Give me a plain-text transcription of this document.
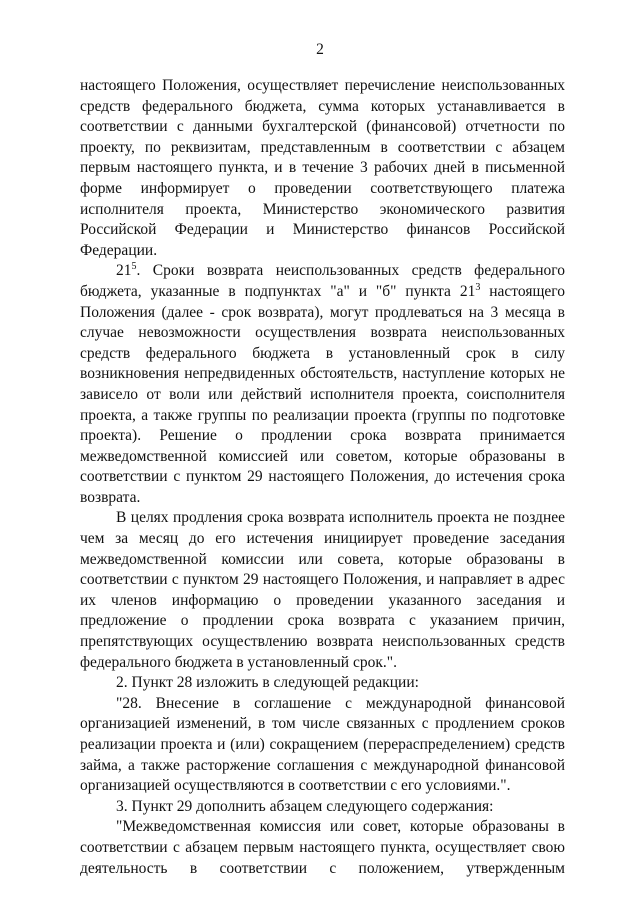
2

настоящего Положения, осуществляет перечисление неиспользованных средств федерального бюджета, сумма которых устанавливается в соответствии с данными бухгалтерской (финансовой) отчетности по проекту, по реквизитам, представленным в соответствии с абзацем первым настоящего пункта, и в течение 3 рабочих дней в письменной форме информирует о проведении соответствующего платежа исполнителя проекта, Министерство экономического развития Российской Федерации и Министерство финансов Российской Федерации.

$21^5$. Сроки возврата неиспользованных средств федерального бюджета, указанные в подпунктах "а" и "б" пункта $21^3$ настоящего Положения (далее - срок возврата), могут продлеваться на 3 месяца в случае невозможности осуществления возврата неиспользованных средств федерального бюджета в установленный срок в силу возникновения непредвиденных обстоятельств, наступление которых не зависело от воли или действий исполнителя проекта, соисполнителя проекта, а также группы по реализации проекта (группы по подготовке проекта). Решение о продлении срока возврата принимается межведомственной комиссией или советом, которые образованы в соответствии с пунктом 29 настоящего Положения, до истечения срока возврата.

В целях продления срока возврата исполнитель проекта не позднее чем за месяц до его истечения инициирует проведение заседания межведомственной комиссии или совета, которые образованы в соответствии с пунктом 29 настоящего Положения, и направляет в адрес их членов информацию о проведении указанного заседания и предложение о продлении срока возврата с указанием причин, препятствующих осуществлению возврата неиспользованных средств федерального бюджета в установленный срок.".

2. Пункт 28 изложить в следующей редакции:

"28. Внесение в соглашение с международной финансовой организацией изменений, в том числе связанных с продлением сроков реализации проекта и (или) сокращением (перераспределением) средств займа, а также расторжение соглашения с международной финансовой организацией осуществляются в соответствии с его условиями.".

3. Пункт 29 дополнить абзацем следующего содержания:

"Межведомственная комиссия или совет, которые образованы в соответствии с абзацем первым настоящего пункта, осуществляет свою деятельность в соответствии с положением, утвержденным
